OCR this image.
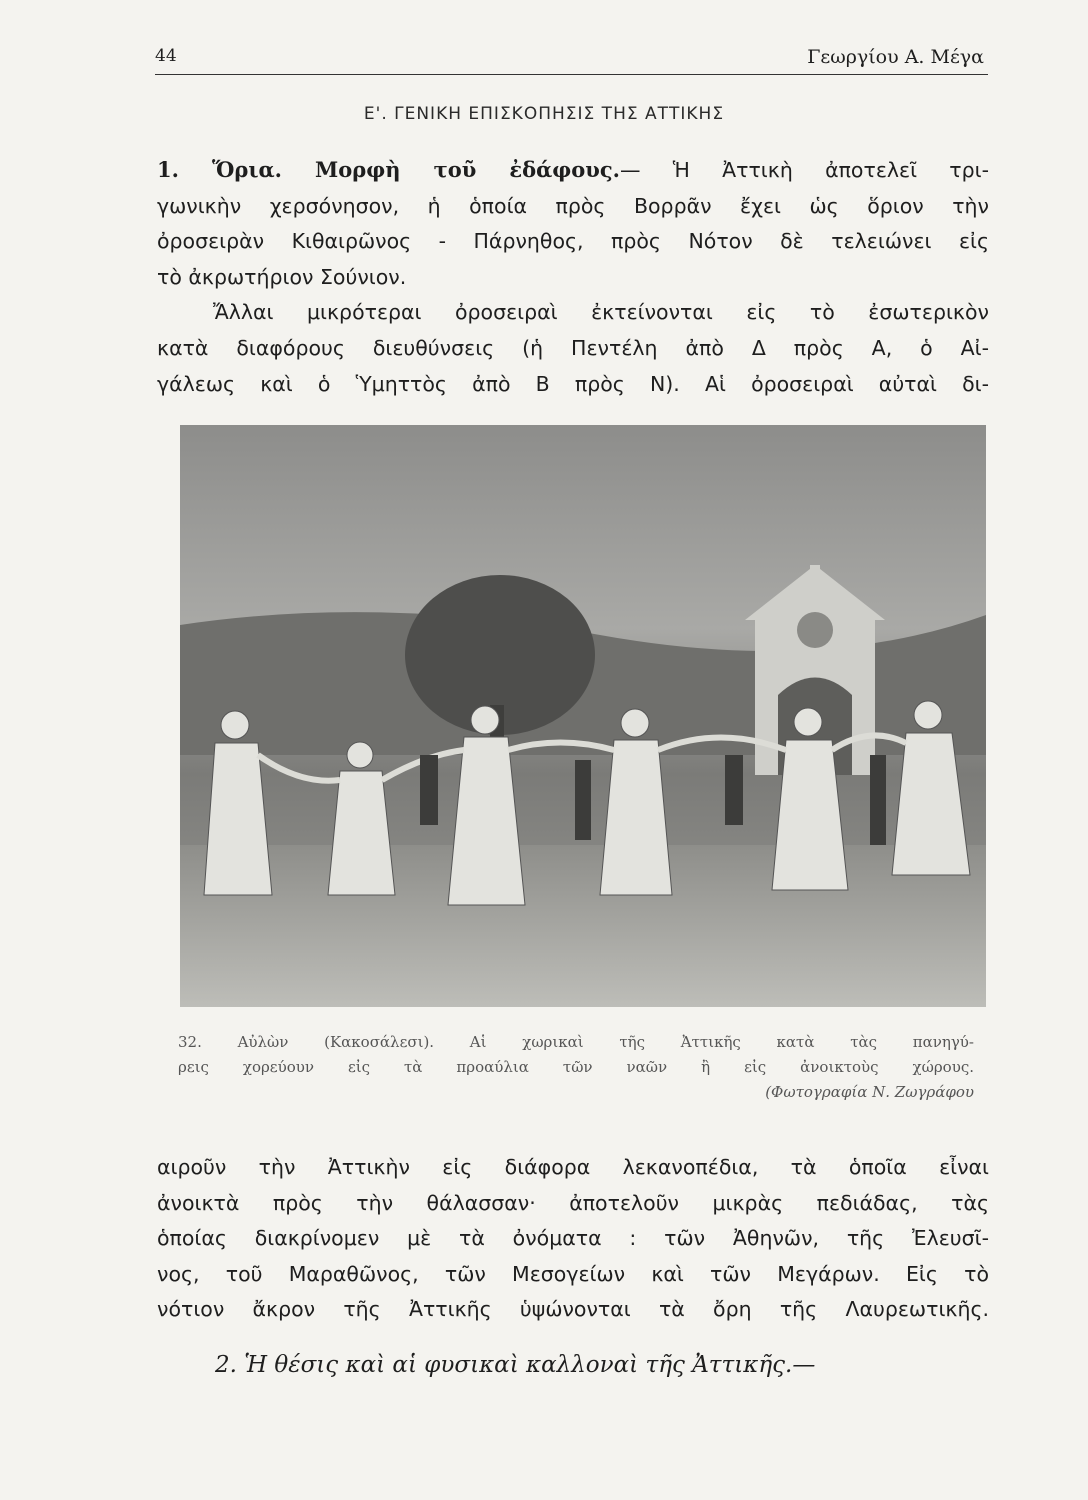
44	Γεωργίου Α. Μέγα
Ε'. ΓΕΝΙΚΗ ΕΠΙΣΚΟΠΗΣΙΣ ΤΗΣ ΑΤΤΙΚΗΣ
1. Ὅρια. Μορφὴ τοῦ ἐδάφους.— Ἡ Ἀττικὴ ἀποτελεῖ τρι-
γωνικὴν χερσόνησον, ἡ ὁποία πρὸς Βορρᾶν ἔχει ὡς ὅριον τὴν
ὀροσειρὰν Κιθαιρῶνος - Πάρνηθος, πρὸς Νότον δὲ τελειώνει εἰς
τὸ ἀκρωτήριον Σούνιον.
Ἄλλαι μικρότεραι ὀροσειραὶ ἐκτείνονται εἰς τὸ ἐσωτερικὸν
κατὰ διαφόρους διευθύνσεις (ἡ Πεντέλη ἀπὸ Δ πρὸς Α, ὁ Αἰ-
γάλεως καὶ ὁ Ὑμηττὸς ἀπὸ Β πρὸς Ν). Αἱ ὀροσειραὶ αὐταὶ δι-
32. Αὐλὼν (Κακοσάλεσι). Αἱ χωρικαὶ τῆς Ἀττικῆς κατὰ τὰς πανηγύ-
ρεις χορεύουν εἰς τὰ προαύλια τῶν ναῶν ἢ εἰς ἀνοικτοὺς χώρους.
(Φωτογραφία Ν. Ζωγράφου
αιροῦν τὴν Ἀττικὴν εἰς διάφορα λεκανοπέδια, τὰ ὁποῖα εἶναι
ἀνοικτὰ πρὸς τὴν θάλασσαν· ἀποτελοῦν μικρὰς πεδιάδας, τὰς
ὁποίας διακρίνομεν μὲ τὰ ὀνόματα : τῶν Ἀθηνῶν, τῆς Ἐλευσῖ-
νος, τοῦ Μαραθῶνος, τῶν Μεσογείων καὶ τῶν Μεγάρων. Εἰς τὸ
νότιον ἄκρον τῆς Ἀττικῆς ὑψώνονται τὰ ὄρη τῆς Λαυρεωτικῆς.
2. Ἡ θέσις καὶ αἱ φυσικαὶ καλλοναὶ τῆς Ἀττικῆς.—
